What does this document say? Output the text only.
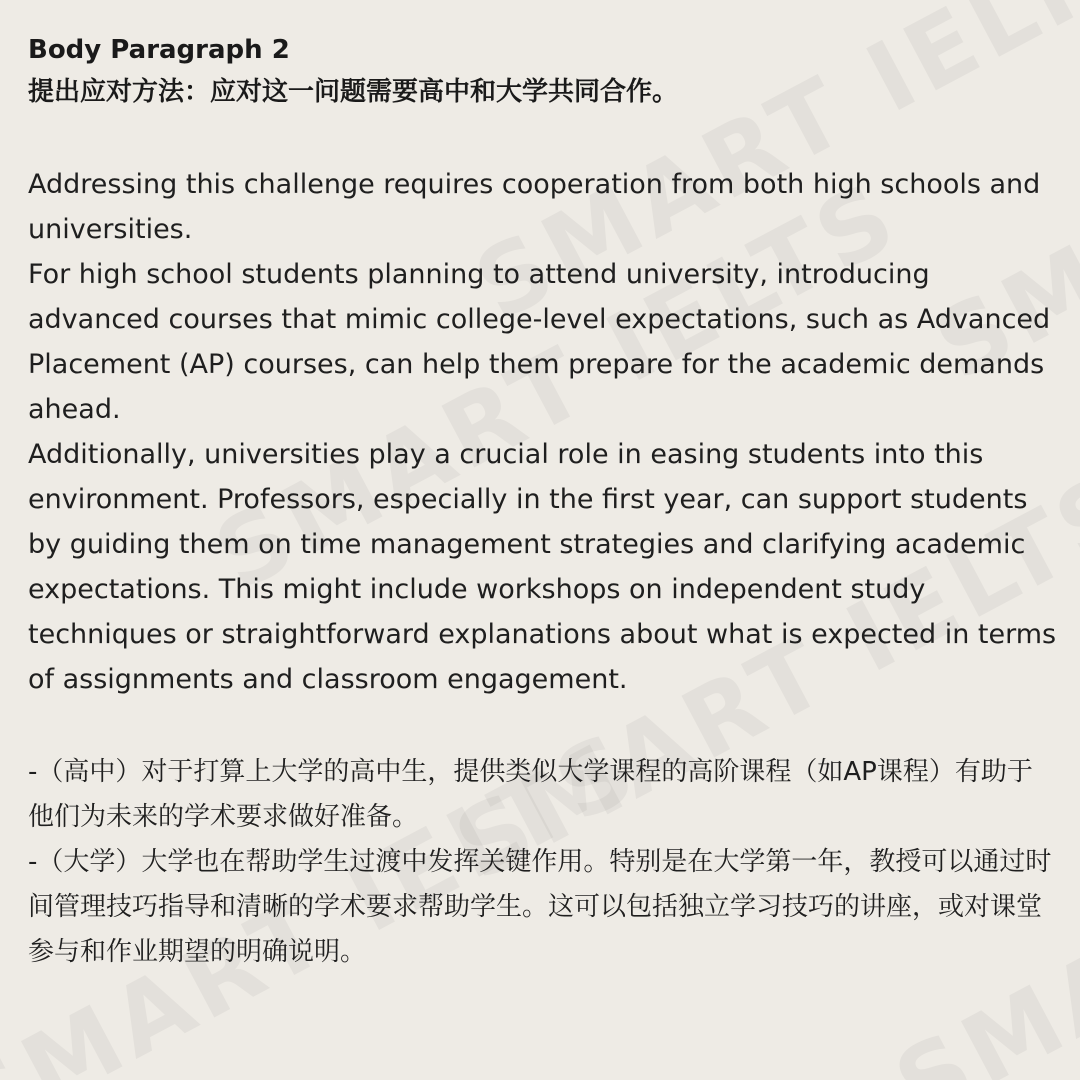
Body Paragraph 2
提出应对方法：应对这一问题需要高中和大学共同合作。

Addressing this challenge requires cooperation from both high schools and universities.

For high school students planning to attend university, introducing advanced courses that mimic college-level expectations, such as Advanced Placement (AP) courses, can help them prepare for the academic demands ahead.

Additionally, universities play a crucial role in easing students into this environment. Professors, especially in the first year, can support students by guiding them on time management strategies and clarifying academic expectations. This might include workshops on independent study techniques or straightforward explanations about what is expected in terms of assignments and classroom engagement.

-（高中）对于打算上大学的高中生，提供类似大学课程的高阶课程（如AP课程）有助于他们为未来的学术要求做好准备。

-（大学）大学也在帮助学生过渡中发挥关键作用。特别是在大学第一年，教授可以通过时间管理技巧指导和清晰的学术要求帮助学生。这可以包括独立学习技巧的讲座，或对课堂参与和作业期望的明确说明。
